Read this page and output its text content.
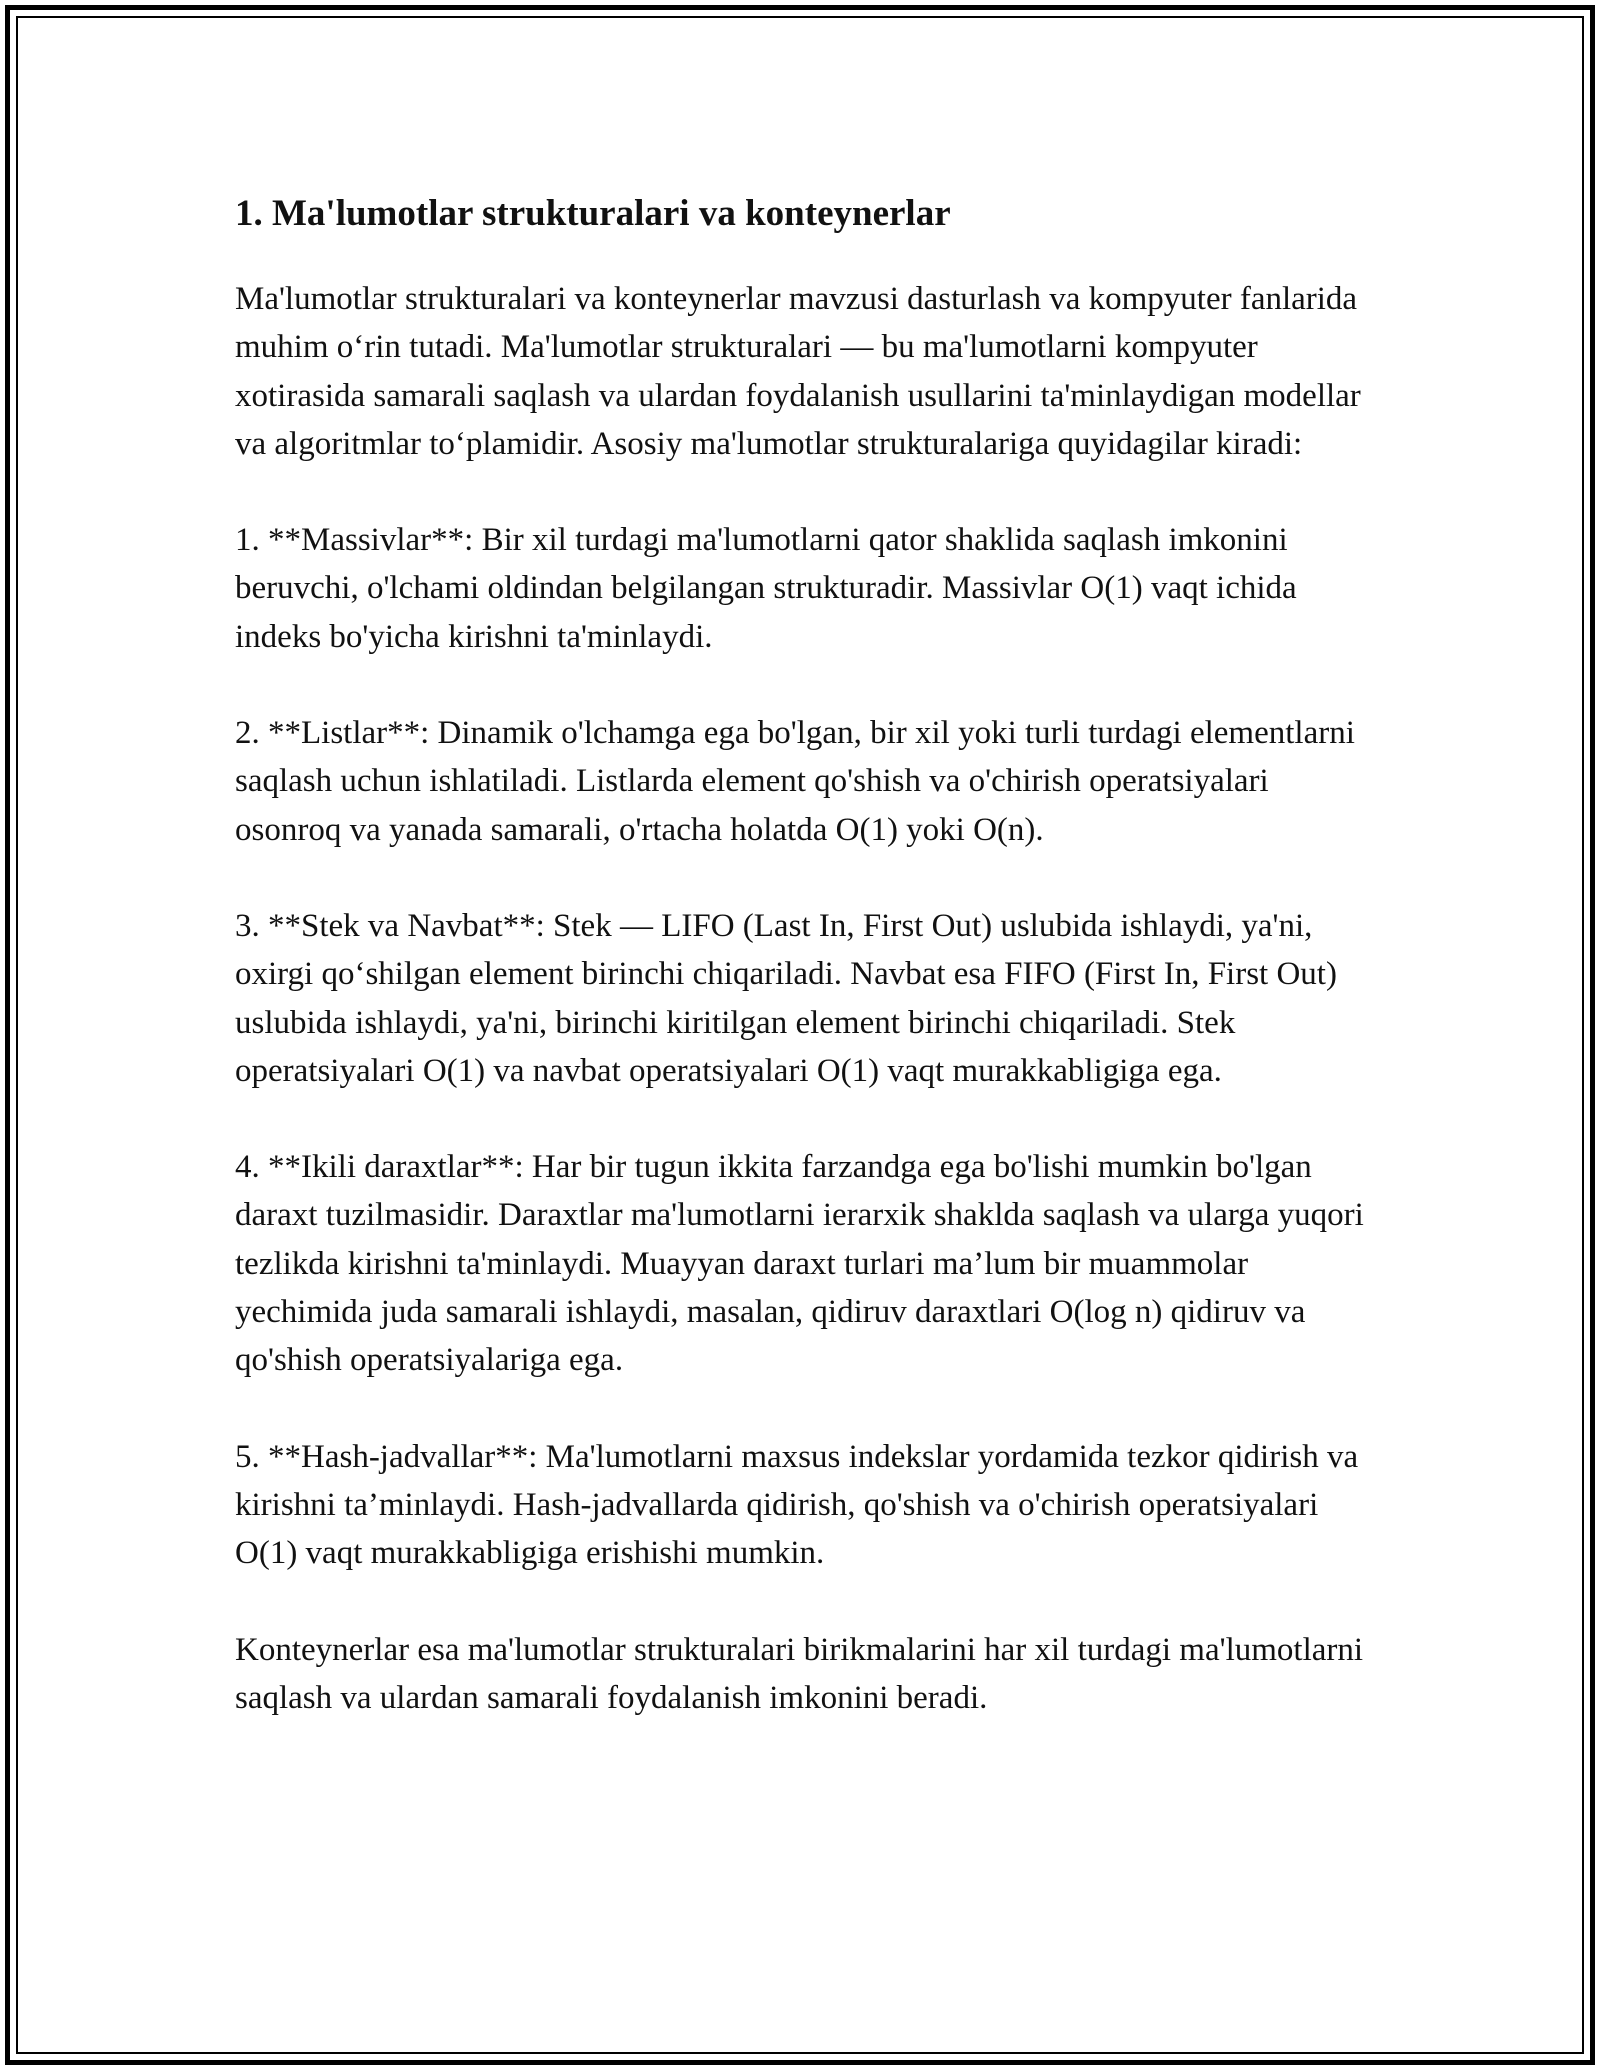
1. Ma'lumotlar strukturalari va konteynerlar

Ma'lumotlar strukturalari va konteynerlar mavzusi dasturlash va kompyuter fanlarida muhim o‘rin tutadi. Ma'lumotlar strukturalari — bu ma'lumotlarni kompyuter xotirasida samarali saqlash va ulardan foydalanish usullarini ta'minlaydigan modellar va algoritmlar to‘plamidir. Asosiy ma'lumotlar strukturalariga quyidagilar kiradi:

1. **Massivlar**: Bir xil turdagi ma'lumotlarni qator shaklida saqlash imkonini beruvchi, o'lchami oldindan belgilangan strukturadir. Massivlar O(1) vaqt ichida indeks bo'yicha kirishni ta'minlaydi.

2. **Listlar**: Dinamik o'lchamga ega bo'lgan, bir xil yoki turli turdagi elementlarni saqlash uchun ishlatiladi. Listlarda element qo'shish va o'chirish operatsiyalari osonroq va yanada samarali, o'rtacha holatda O(1) yoki O(n).

3. **Stek va Navbat**: Stek — LIFO (Last In, First Out) uslubida ishlaydi, ya'ni, oxirgi qo‘shilgan element birinchi chiqariladi. Navbat esa FIFO (First In, First Out) uslubida ishlaydi, ya'ni, birinchi kiritilgan element birinchi chiqariladi. Stek operatsiyalari O(1) va navbat operatsiyalari O(1) vaqt murakkabligiga ega.

4. **Ikili daraxtlar**: Har bir tugun ikkita farzandga ega bo'lishi mumkin bo'lgan daraxt tuzilmasidir. Daraxtlar ma'lumotlarni ierarxik shaklda saqlash va ularga yuqori tezlikda kirishni ta'minlaydi. Muayyan daraxt turlari ma’lum bir muammolar yechimida juda samarali ishlaydi, masalan, qidiruv daraxtlari O(log n) qidiruv va qo'shish operatsiyalariga ega.

5. **Hash-jadvallar**: Ma'lumotlarni maxsus indekslar yordamida tezkor qidirish va kirishni ta’minlaydi. Hash-jadvallarda qidirish, qo'shish va o'chirish operatsiyalari O(1) vaqt murakkabligiga erishishi mumkin.

Konteynerlar esa ma'lumotlar strukturalari birikmalarini har xil turdagi ma'lumotlarni saqlash va ulardan samarali foydalanish imkonini beradi.
